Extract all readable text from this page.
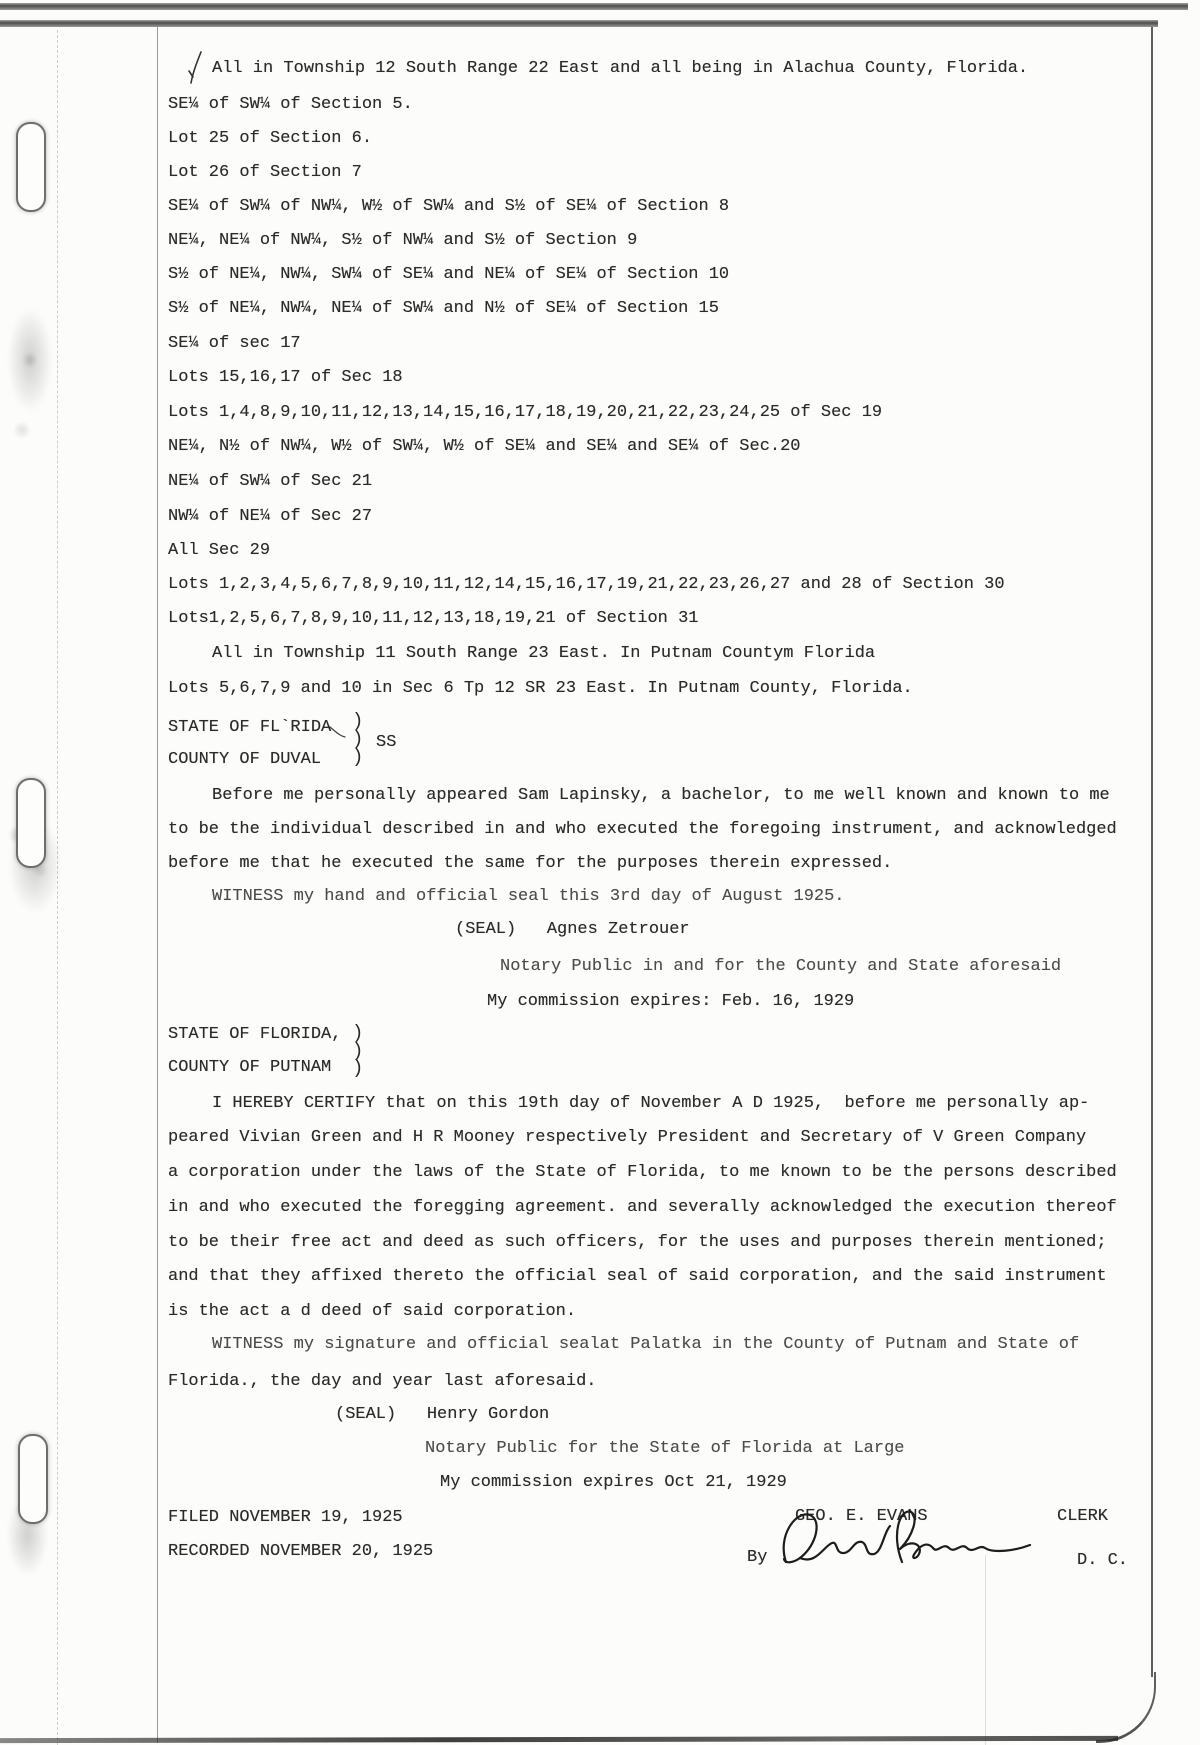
All in Township 12 South Range 22 East and all being in Alachua County, Florida.
SE¼ of SW¼ of Section 5.
Lot 25 of Section 6.
Lot 26 of Section 7
SE¼ of SW¼ of NW¼, W½ of SW¼ and S½ of SE¼ of Section 8
NE¼, NE¼ of NW¼, S½ of NW¼ and S½ of Section 9
S½ of NE¼, NW¼, SW¼ of SE¼ and NE¼ of SE¼ of Section 10
S½ of NE¼, NW¼, NE¼ of SW¼ and N½ of SE¼ of Section 15
SE¼ of sec 17
Lots 15,16,17 of Sec 18
Lots 1,4,8,9,10,11,12,13,14,15,16,17,18,19,20,21,22,23,24,25 of Sec 19
NE¼, N½ of NW¼, W½ of SW¼, W½ of SE¼ and SE¼ and SE¼ of Sec.20
NE¼ of SW¼ of Sec 21
NW¼ of NE¼ of Sec 27
All Sec 29
Lots 1,2,3,4,5,6,7,8,9,10,11,12,14,15,16,17,19,21,22,23,26,27 and 28 of Section 30
Lots1,2,5,6,7,8,9,10,11,12,13,18,19,21 of Section 31
All in Township 11 South Range 23 East. In Putnam Countym Florida
Lots 5,6,7,9 and 10 in Sec 6 Tp 12 SR 23 East. In Putnam County, Florida.
STATE OF FL`RIDA
COUNTY OF DUVAL
)
)
)
SS
Before me personally appeared Sam Lapinsky, a bachelor, to me well known and known to me
to be the individual described in and who executed the foregoing instrument, and acknowledged
before me that he executed the same for the purposes therein expressed.
WITNESS my hand and official seal this 3rd day of August 1925.
(SEAL)   Agnes Zetrouer
Notary Public in and for the County and State aforesaid
My commission expires: Feb. 16, 1929
STATE OF FLORIDA,
COUNTY OF PUTNAM
)
)
)
I HEREBY CERTIFY that on this 19th day of November A D 1925,  before me personally ap-
peared Vivian Green and H R Mooney respectively President and Secretary of V Green Company
a corporation under the laws of the State of Florida, to me known to be the persons described
in and who executed the foregging agreement. and severally acknowledged the execution thereof
to be their free act and deed as such officers, for the uses and purposes therein mentioned;
and that they affixed thereto the official seal of said corporation, and the said instrument
is the act a d deed of said corporation.
WITNESS my signature and official sealat Palatka in the County of Putnam and State of
Florida., the day and year last aforesaid.
(SEAL)   Henry Gordon
Notary Public for the State of Florida at Large
My commission expires Oct 21, 1929
FILED NOVEMBER 19, 1925
RECORDED NOVEMBER 20, 1925
GEO. E. EVANS	CLERK
By	D. C.
